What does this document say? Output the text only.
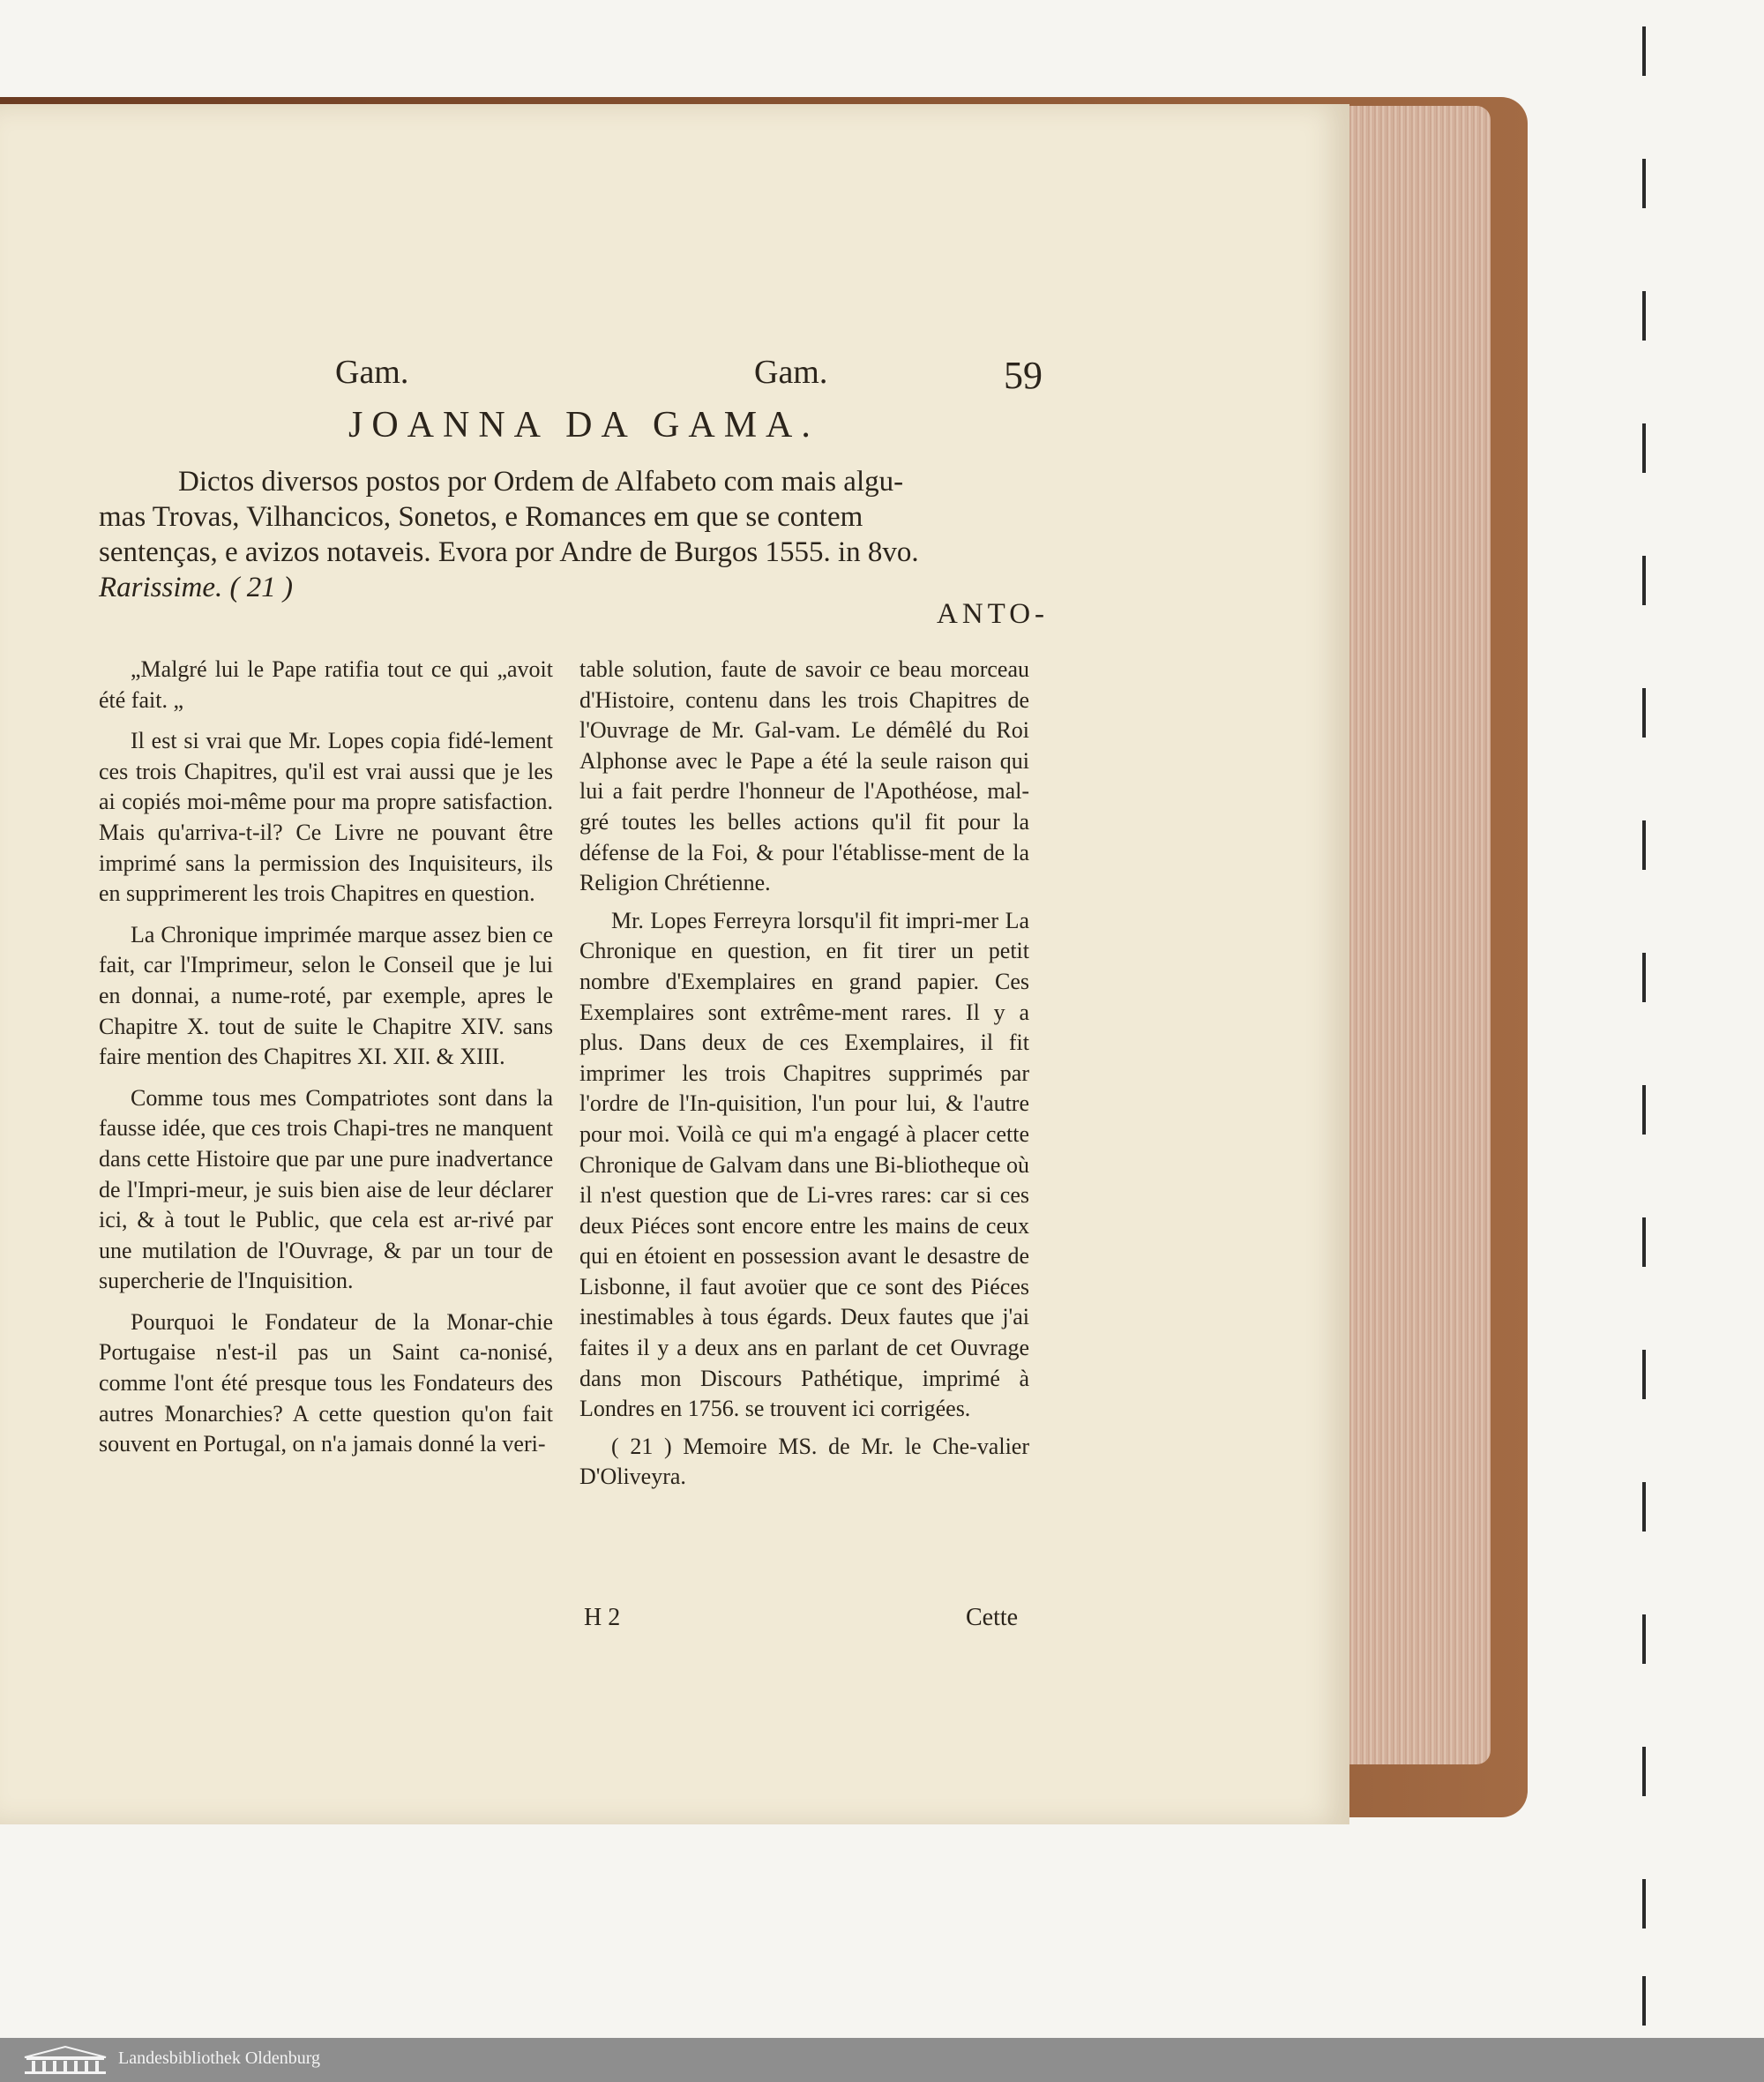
Gam.	Gam.	59
JOANNA DA GAMA.
Dictos diversos postos por Ordem de Alfabeto com mais algu-
mas Trovas, Vilhancicos, Sonetos, e Romances em que se contem
sentenças, e avizos notaveis. Evora por Andre de Burgos 1555. in 8vo.
Rarissime. ( 21 )
ANTO-

„Malgré lui le Pape ratifia tout ce qui „avoit été fait. „

Il est si vrai que Mr. Lopes copia fidé-lement ces trois Chapitres, qu'il est vrai aussi que je les ai copiés moi-même pour ma propre satisfaction. Mais qu'arriva-t-il? Ce Livre ne pouvant être imprimé sans la permission des Inquisiteurs, ils en supprimerent les trois Chapitres en question.

La Chronique imprimée marque assez bien ce fait, car l'Imprimeur, selon le Conseil que je lui en donnai, a nume-roté, par exemple, apres le Chapitre X. tout de suite le Chapitre XIV. sans faire mention des Chapitres XI. XII. & XIII.

Comme tous mes Compatriotes sont dans la fausse idée, que ces trois Chapi-tres ne manquent dans cette Histoire que par une pure inadvertance de l'Impri-meur, je suis bien aise de leur déclarer ici, & à tout le Public, que cela est ar-rivé par une mutilation de l'Ouvrage, & par un tour de supercherie de l'Inquisition.

Pourquoi le Fondateur de la Monar-chie Portugaise n'est-il pas un Saint ca-nonisé, comme l'ont été presque tous les Fondateurs des autres Monarchies? A cette question qu'on fait souvent en Portugal, on n'a jamais donné la veri-

table solution, faute de savoir ce beau morceau d'Histoire, contenu dans les trois Chapitres de l'Ouvrage de Mr. Gal-vam. Le démêlé du Roi Alphonse avec le Pape a été la seule raison qui lui a fait perdre l'honneur de l'Apothéose, mal-gré toutes les belles actions qu'il fit pour la défense de la Foi, & pour l'établisse-ment de la Religion Chrétienne.

Mr. Lopes Ferreyra lorsqu'il fit impri-mer La Chronique en question, en fit tirer un petit nombre d'Exemplaires en grand papier. Ces Exemplaires sont extrême-ment rares. Il y a plus. Dans deux de ces Exemplaires, il fit imprimer les trois Chapitres supprimés par l'ordre de l'In-quisition, l'un pour lui, & l'autre pour moi. Voilà ce qui m'a engagé à placer cette Chronique de Galvam dans une Bi-bliotheque où il n'est question que de Li-vres rares: car si ces deux Piéces sont encore entre les mains de ceux qui en étoient en possession avant le desastre de Lisbonne, il faut avoüer que ce sont des Piéces inestimables à tous égards. Deux fautes que j'ai faites il y a deux ans en parlant de cet Ouvrage dans mon Discours Pathétique, imprimé à Londres en 1756. se trouvent ici corrigées.

( 21 ) Memoire MS. de Mr. le Che-valier D'Oliveyra.

H 2	Cette
Landesbibliothek Oldenburg
